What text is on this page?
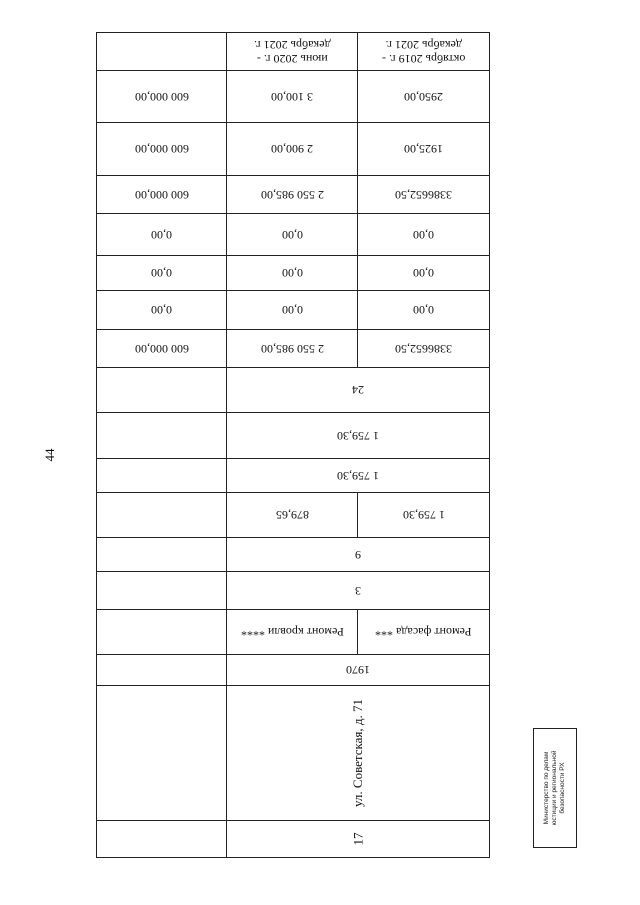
44
июнь 2020 г. -
декабрь 2021 г.
октябрь 2019 г. -
декабрь 2021 г.
600 000,00	3 100,00	2950,00
600 000,00	2 900,00	1925,00
600 000,00	2 550 985,00	3386652,50
0,00	0,00	0,00
0,00	0,00	0,00
0,00	0,00	0,00
600 000,00	2 550 985,00	3386652,50
24
1 759,30
1 759,30
879,65	1 759,30
9
3
Ремонт кровли ****	Ремонт фасада ***
1970
ул. Советская, д. 71
17
Министерство по делам юстиции и региональной безопасности РХ
